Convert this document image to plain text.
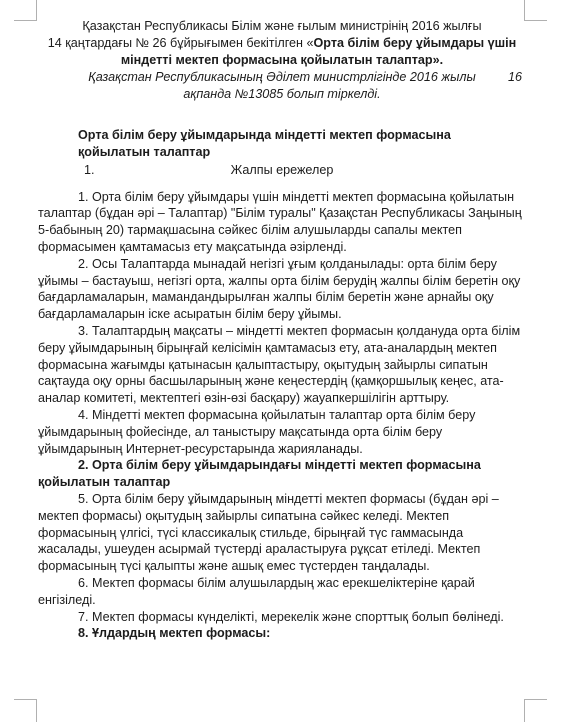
Қазақстан Республикасы Білім және ғылым министрінің 2016 жылғы
14 қаңтардағы № 26 бұйрығымен бекітілген «Орта білім беру ұйымдары үшін міндетті мектеп формасына қойылатын талаптар».
Қазақстан Республикасының Әділет министрлігінде 2016 жылы	16

ақпанда №13085 болып тіркелді.
Орта білім беру ұйымдарында міндетті мектеп формасына қойылатын талаптар
1.	Жалпы ережелер

1. Орта білім беру ұйымдары үшін міндетті мектеп формасына қойылатын талаптар (бұдан әрі – Талаптар) "Білім туралы" Қазақстан Республикасы Заңының 5-бабының 20) тармақшасына сәйкес білім алушыларды сапалы мектеп формасымен қамтамасыз ету мақсатында әзірленді.

2. Осы Талаптарда мынадай негізгі ұғым қолданылады: орта білім беру ұйымы – бастауыш, негізгі орта, жалпы орта білім берудің жалпы білім беретін оқу бағдарламаларын, мамандандырылған жалпы білім беретін және арнайы оқу бағдарламаларын іске асыратын білім беру ұйымы.

3. Талаптардың мақсаты – міндетті мектеп формасын қолдануда орта білім беру ұйымдарының бірыңғай келісімін қамтамасыз ету, ата-аналардың мектеп формасына жағымды қатынасын қалыптастыру, оқытудың зайырлы сипатын сақтауда оқу орны басшыларының және кеңестердің (қамқоршылық кеңес, ата-аналар комитеті, мектептегі өзін-өзі басқару) жауапкершілігін арттыру.

4. Міндетті мектеп формасына қойылатын талаптар орта білім беру ұйымдарының фойесінде, ал таныстыру мақсатында орта білім беру ұйымдарының Интернет-ресурстарында жарияланады.

2. Орта білім беру ұйымдарындағы міндетті мектеп формасына қойылатын талаптар

5. Орта білім беру ұйымдарының міндетті мектеп формасы (бұдан әрі – мектеп формасы) оқытудың зайырлы сипатына сәйкес келеді. Мектеп формасының үлгісі, түсі классикалық стильде, бірыңғай түс гаммасында жасалады, ушеуден асырмай түстерді араластыруға рұқсат етіледі. Мектеп формасының түсі қалыпты және ашық емес түстерден таңдалады.

6. Мектеп формасы білім алушылардың жас ерекшеліктеріне қарай енгізіледі.

7. Мектеп формасы күнделікті, мерекелік және спорттық болып бөлінеді.

8. Ұлдардың мектеп формасы:
